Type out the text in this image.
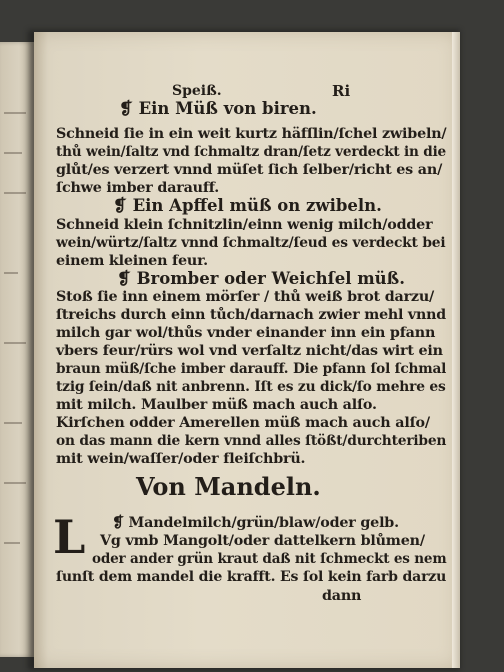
Speiß.	Ri
❡ Ein Müß von biren.
Schneid ſie in ein weit kurtz häfſlin/ſchel zwibeln/
thů wein/ſaltz vnd ſchmaltz dran/ſetz verdeckt in die
glůt/es verzert vnnd müſet ſich ſelber/richt es an/
ſchwe imber darauff.
❡ Ein Apffel müß on zwibeln.
Schneid klein ſchnitzlin/einn wenig milch/odder
wein/würtz/ſaltz vnnd ſchmaltz/ſeud es verdeckt bei
einem kleinen feur.
❡ Bromber oder Weichſel müß.
Stoß ſie inn einem mörſer / thů weiß brot darzu/
ſtreichs durch einn tůch/darnach zwier mehl vnnd
milch gar wol/thůs vnder einander inn ein pfann
vbers feur/rürs wol vnd verſaltz nicht/das wirt ein
braun müß/ſche imber darauff. Die pfann ſol ſchmal
tzig ſein/daß nit anbrenn. Iſt es zu dick/ſo mehre es
mit milch. Maulber müß mach auch alſo.
Kirſchen odder Amerellen müß mach auch alſo/
on das mann die kern vnnd alles ſtößt/durchteriben
mit wein/waſſer/oder fleiſchbrü.
Von Mandeln.
L ❡ Mandelmilch/grün/blaw/oder gelb.
Vg vmb Mangolt/oder dattelkern blůmen/
oder ander grün kraut daß nit ſchmeckt es nem
ſunſt dem mandel die krafft. Es ſol kein farb darzu
dann
